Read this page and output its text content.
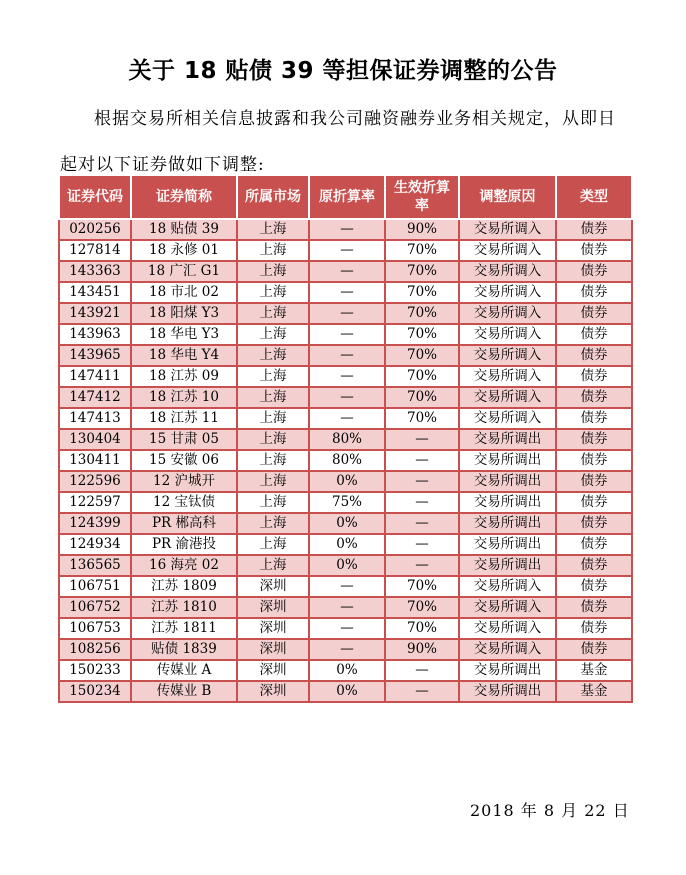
关于 18 贴债 39 等担保证券调整的公告
根据交易所相关信息披露和我公司融资融券业务相关规定，从即日起对以下证券做如下调整:
证券代码	证券简称	所属市场	原折算率	生效折算率	调整原因	类型
020256	18 贴债 39	上海	—	90%	交易所调入	债券
127814	18 永修 01	上海	—	70%	交易所调入	债券
143363	18 广汇 G1	上海	—	70%	交易所调入	债券
143451	18 市北 02	上海	—	70%	交易所调入	债券
143921	18 阳煤 Y3	上海	—	70%	交易所调入	债券
143963	18 华电 Y3	上海	—	70%	交易所调入	债券
143965	18 华电 Y4	上海	—	70%	交易所调入	债券
147411	18 江苏 09	上海	—	70%	交易所调入	债券
147412	18 江苏 10	上海	—	70%	交易所调入	债券
147413	18 江苏 11	上海	—	70%	交易所调入	债券
130404	15 甘肃 05	上海	80%	—	交易所调出	债券
130411	15 安徽 06	上海	80%	—	交易所调出	债券
122596	12 沪城开	上海	0%	—	交易所调出	债券
122597	12 宝钛债	上海	75%	—	交易所调出	债券
124399	PR 郴高科	上海	0%	—	交易所调出	债券
124934	PR 渝港投	上海	0%	—	交易所调出	债券
136565	16 海亮 02	上海	0%	—	交易所调出	债券
106751	江苏 1809	深圳	—	70%	交易所调入	债券
106752	江苏 1810	深圳	—	70%	交易所调入	债券
106753	江苏 1811	深圳	—	70%	交易所调入	债券
108256	贴债 1839	深圳	—	90%	交易所调入	债券
150233	传媒业 A	深圳	0%	—	交易所调出	基金
150234	传媒业 B	深圳	0%	—	交易所调出	基金
2018 年 8 月 22 日
